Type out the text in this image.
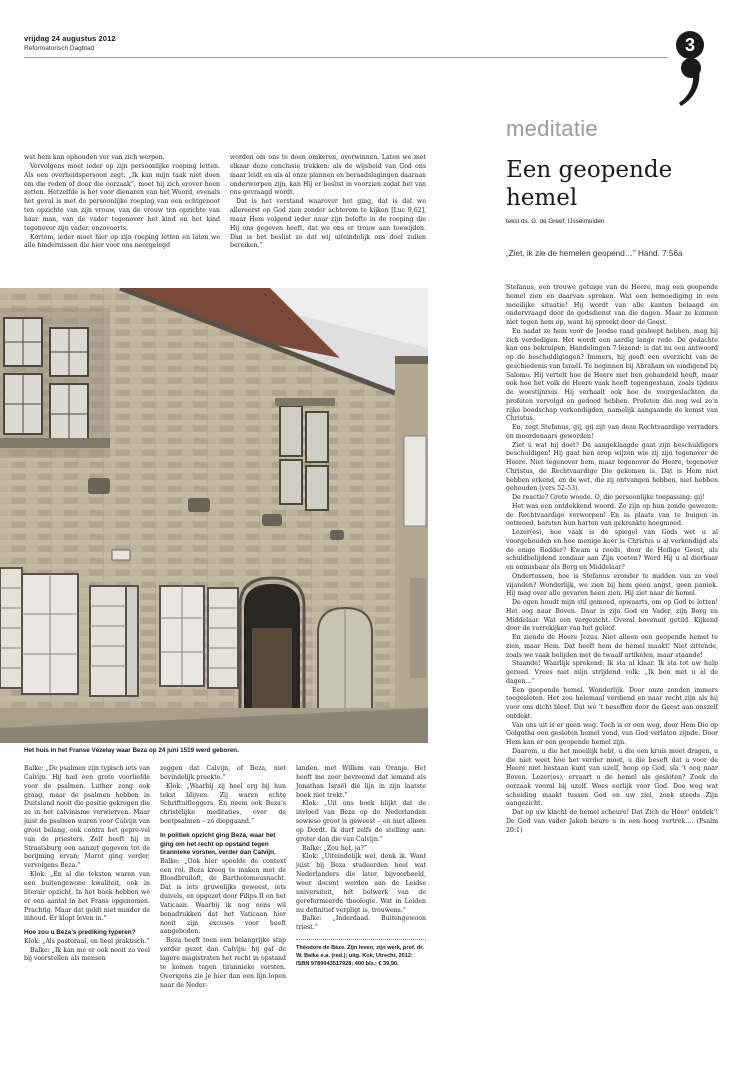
vrijdag 24 augustus 2012
Reformatorisch Dagblad	3

wat hem kan ophouden ver van zich werpen.

Vervolgens moet ieder op zijn persoonlijke roeping letten. Als een overheidspersoon zegt: „Ik kan mijn taak niet doen om die reden of door die oorzaak”, moet hij zich erover heen zetten. Hetzelfde is het voor dienaren van het Woord, evenals het geval is met de persoonlijke roeping van een echtgenoot ten opzichte van zijn vrouw, van de vrouw ten opzichte van haar man, van de vader tegenover het kind en het kind tegenover zijn vader, enzovoorts.

Kortom, ieder moet hier op zijn roeping letten en laten we alle hindernissen die hier voor ons neergelegd

worden om ons te doen omkeren, overwinnen. Laten we met elkaar deze conclusie trekken: als de wijsheid van God ons maar leidt en als al onze plannen en beraadslagingen daaraan onderworpen zijn, kan Hij er beslist in voorzien zodat het van ons gevraagd wordt.

Dat is het verstand waarover het ging, dat is dat we allereerst op God zien zonder achterom te kijken [Luc 9,62], maar Hem volgend ieder naar zijn belofte in de roeping die Hij ons gegeven heeft, dat we ons er trouw aan toewijden. Dan is het beslist zo dat wij uiteindelijk ons doel zullen bereiken.”

Het huis in het Franse Vézelay waar Beza op 24 juni 1519 werd geboren.

Balke: „De psalmen zijn typisch iets van Calvijn. Hij had een grote voorliefde voor de psalmen. Luther zong ook graag, maar de psalmen hebben in Duitsland nooit die positie gekregen die ze in het calvinisme verwierven. Maar juist de psalmen waren voor Calvijn van groot belang, ook contra het gepre-vel van de priesters. Zelf heeft hij in Straatsburg een aanzet gegeven tot de berijming ervan; Marot ging verder, vervolgens Beza.”

Klok: „En al die teksten waren van een buitengewone kwaliteit, ook in literair opzicht. In het boek hebben we er een aantal in het Frans opgenomen. Prachtig. Maar dat geldt niet minder de inhoud. Er klopt leven in.”

Hoe zou u Beza’s prediking typeren?

Klok: „Als pastoraal, en heel praktisch.”

Balke: „Ik kan me er ook nooit zo veel bij voorstellen als mensen

zeggen dat Calvijn, of Beza, niet bevindelijk preekte.”

Klok: „Waarbij zij heel erg bij hun tekst blijven. Zij waren echte Schriftuitleggers. En neem ook Beza’s christelijke meditaties, over de boetpsalmen – zó diepgaand.”

In politiek opzicht ging Beza, waar het ging om het recht op opstand tegen tirannieke vorsten, verder dan Calvijn.

Balke: „Ook hier speelde de context een rol. Beza kreeg te maken met de Bloedbruiloft, de Bartholomeusnacht. Dat is iets gruwelijks geweest, iets duivels, en opgezet door Filips II en het Vaticaan. Waarbij ik nog eens wil benadrukken dat het Vaticaan hier nooit zijn excuses voor heeft aangeboden.

Beza heeft toen een belangrijke stap verder gezet dan Calvijn: hij gaf de lagere magistraten het recht in opstand te komen tegen tirannieke vorsten. Overigens zie je hier dan een lijn lopen naar de Neder-

landen, met Willem van Oranje. Het heeft me zeer bevreemd dat iemand als Jonathan Israël dié lijn in zijn laatste boek niet trekt.”

Klok: „Uit ons boek blijkt dat de invloed van Beza op de Nederlanden sowieso groot is geweest – en niet alleen op Dordt. Ik durf zelfs de stelling aan: groter dan die van Calvijn.”

Balke: „Zou het, ja?”

Klok: „Uiteindelijk wel, denk ik. Want juist bij Beza studeerden heel wat Nederlanders die later, bijvoorbeeld, weer docent werden aan de Leidse universiteit, hét bolwerk van de gereformeerde theologie. Wat in Leiden nu definitief verpligt is, trouwens.”

Balke: „Inderdaad. Buitengewoon triest.”

Théodore de Bèze. Zijn leven, zijn werk, prof. dr. W. Balke e.a. (red.); uitg. Kok, Utrecht, 2012; ISBN 9789043517928; 400 blz.; € 39,90.
meditatie
Een geopende hemel
tekst ds. G. de Greef, IJsselmuiden
„Ziet, ik zie de hemelen geopend…” Hand. 7:56a

Stefanus, een trouwe getuige van de Heere, mag een geopende hemel zien en daarvan spreken. Wat een bemoediging in een moeilijke situatie! Hij wordt van alle kanten belaagd en ondervraagd door de godsdienst van die dagen. Maar ze kunnen niet tegen hem op, want hij spreekt door de Geest.

En nadat ze hem voor de Joodse raad gesleept hebben, mag hij zich verdedigen. Het wordt een aardig lange rede. De gedachte kan ons bekruipen, Handelingen 7 lezend: is dat nu een antwoord op de beschuldigingen? Immers, hij geeft een overzicht van de geschiedenis van Israël. Te beginnen bij Abraham en eindigend bij Salomo. Hij vertelt hoe de Heere met hen gehandeld heeft, maar ook hoe het volk de Heere vaak heeft tegengestaan, zoals tijdens de woestijnreis. Hij verhaalt ook hoe de voorgeslachten de profeten vervolgd en gedood hebben. Profeten die nog wel zo’n rijke boodschap verkondigden, namelijk aangaande de komst van Christus.

En, zegt Stefanus, gij, gij zijt van deze Rechtvaardige verraders en moordenaars geworden!

Ziet u wat hij doet? De aangeklaagde gaat zijn beschuldigers beschuldigen! Hij gaat hen erop wijzen wie zij zijn tegenover de Heere. Niet tegenover hem, maar tegenover de Heere, tegenover Christus, de Rechtvaardige Die gekomen is. Dat is Hem niet hebben erkend, en de wet, die zij ontvangen hebben, niet hebben gehouden (vers 52-53).

De reactie? Grote woede. O, die persoonlijke toepassing: gij!

Het was een ontdekkend woord. Ze zijn op hun zonde gewezen: de Rechtvaardige verworpen! En in plaats van te buigen in ootmoed, barsten hun harten van gekrenkte hoogmoed.

Lezer(es), hoe vaak is de spiegel van Gods wet u al voorgehouden en hoe menige keer is Christus u al verkondigd als de enige Redder? Kwam u reeds, door de Heilige Geest, als schuldbelijdend zondaar aan Zijn voeten? Werd Hij u al dierbaar en onmisbaar als Borg en Middelaar?

Ondertussen, hoe is Stefanus eronder te midden van zo veel vijanden? Wonderlijk, we zien bij hem geen angst, geen paniek. Hij mag over alle gevaren heen zien. Hij ziet naar de hemel.

De ogen houdt mijn stil gemoed, opwaarts, om op God te letten! Het oog naar Boven. Daar is zijn God en Vader, zijn Borg en Middelaar. Wat een vergezicht. Overal bovenuit getild. Kijkend door de verrekijker van het geloof.

En ziende de Heere Jezus. Niet alleen een geopende hemel te zien, maar Hem. Dat heeft hem de hemel maakt! Niet zittende, zoals we vaak belijden met de twaalf artikelen, maar staande!

Staande! Waarlijk sprekend: Ik sta al klaar. Ik sta tot uw hulp gereed. Vrees niet mijn strijdend volk: „Ik ben met u al de dagen…”

Een geopende hemel. Wonderlijk. Door onze zonden immers toegesloten. Het zou helemaal verdiend en naar recht zijn als hij voor ons dicht bleef. Dat we ’t beseffen door de Geest aan onszelf ontdekt.

Van ons uit is er geen weg. Toch is er een weg, door Hem Die op Golgotha een gesloten hemel vond, van God verlaten zijnde. Door Hem kan er een geopende hemel zijn.

Daarom, u die het moeilijk hebt, u die een kruis moet dragen, u die niet weet hoe het verder moet, u die beseft dat u voor de Heere niet bestaan kunt van uzelf, hoop op God, sla ’t oog naar Boven. Lezer(es), ervaart u de hemel als gesloten? Zoek de oorzaak vooral bij uzelf. Wees eerlijk voor God. Doe weg wat scheiding maakt tussen God en uw ziel, zoek steeds Zijn aangezicht.

Dat op uw klacht de hemel scheure! Dat Zich de Heer’ ontdek’! De God van vader Jakob beure u in een hoog vertrek…. (Psalm 20:1)
